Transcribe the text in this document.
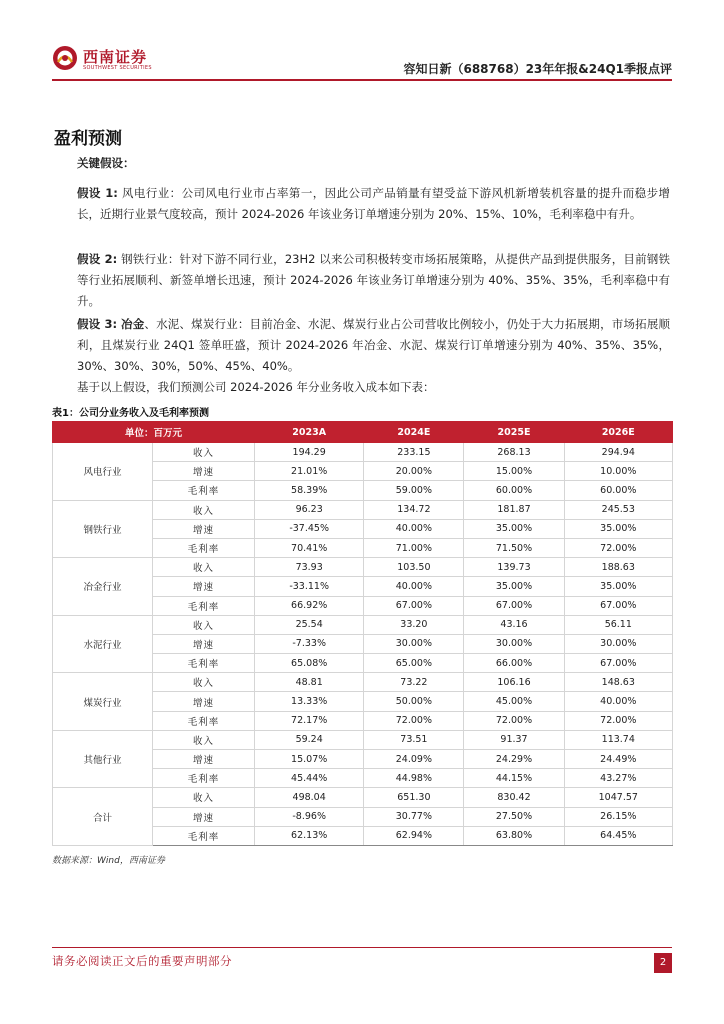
西南证券
SOUTHWEST SECURITIES	容知日新（688768）23年年报&24Q1季报点评
盈利预测
关键假设：
假设 1: 风电行业：公司风电行业市占率第一，因此公司产品销量有望受益下游风机新增装机容量的提升而稳步增长，近期行业景气度较高，预计 2024-2026 年该业务订单增速分别为 20%、15%、10%，毛利率稳中有升。
假设 2: 钢铁行业：针对下游不同行业，23H2 以来公司积极转变市场拓展策略，从提供产品到提供服务，目前钢铁等行业拓展顺利、新签单增长迅速，预计 2024-2026 年该业务订单增速分别为 40%、35%、35%，毛利率稳中有升。
假设 3: 冶金、水泥、煤炭行业：目前冶金、水泥、煤炭行业占公司营收比例较小，仍处于大力拓展期，市场拓展顺利，且煤炭行业 24Q1 签单旺盛，预计 2024-2026 年冶金、水泥、煤炭行订单增速分别为 40%、35%、35%，30%、30%、30%，50%、45%、40%。
基于以上假设，我们预测公司 2024-2026 年分业务收入成本如下表：
表1：公司分业务收入及毛利率预测
单位：百万元		2023A	2024E	2025E	2026E
风电行业	收入	194.29	233.15	268.13	294.94
	增速	21.01%	20.00%	15.00%	10.00%
	毛利率	58.39%	59.00%	60.00%	60.00%
钢铁行业	收入	96.23	134.72	181.87	245.53
	增速	-37.45%	40.00%	35.00%	35.00%
	毛利率	70.41%	71.00%	71.50%	72.00%
冶金行业	收入	73.93	103.50	139.73	188.63
	增速	-33.11%	40.00%	35.00%	35.00%
	毛利率	66.92%	67.00%	67.00%	67.00%
水泥行业	收入	25.54	33.20	43.16	56.11
	增速	-7.33%	30.00%	30.00%	30.00%
	毛利率	65.08%	65.00%	66.00%	67.00%
煤炭行业	收入	48.81	73.22	106.16	148.63
	增速	13.33%	50.00%	45.00%	40.00%
	毛利率	72.17%	72.00%	72.00%	72.00%
其他行业	收入	59.24	73.51	91.37	113.74
	增速	15.07%	24.09%	24.29%	24.49%
	毛利率	45.44%	44.98%	44.15%	43.27%
合计	收入	498.04	651.30	830.42	1047.57
	增速	-8.96%	30.77%	27.50%	26.15%
	毛利率	62.13%	62.94%	63.80%	64.45%
数据来源：Wind，西南证券
请务必阅读正文后的重要声明部分	2
